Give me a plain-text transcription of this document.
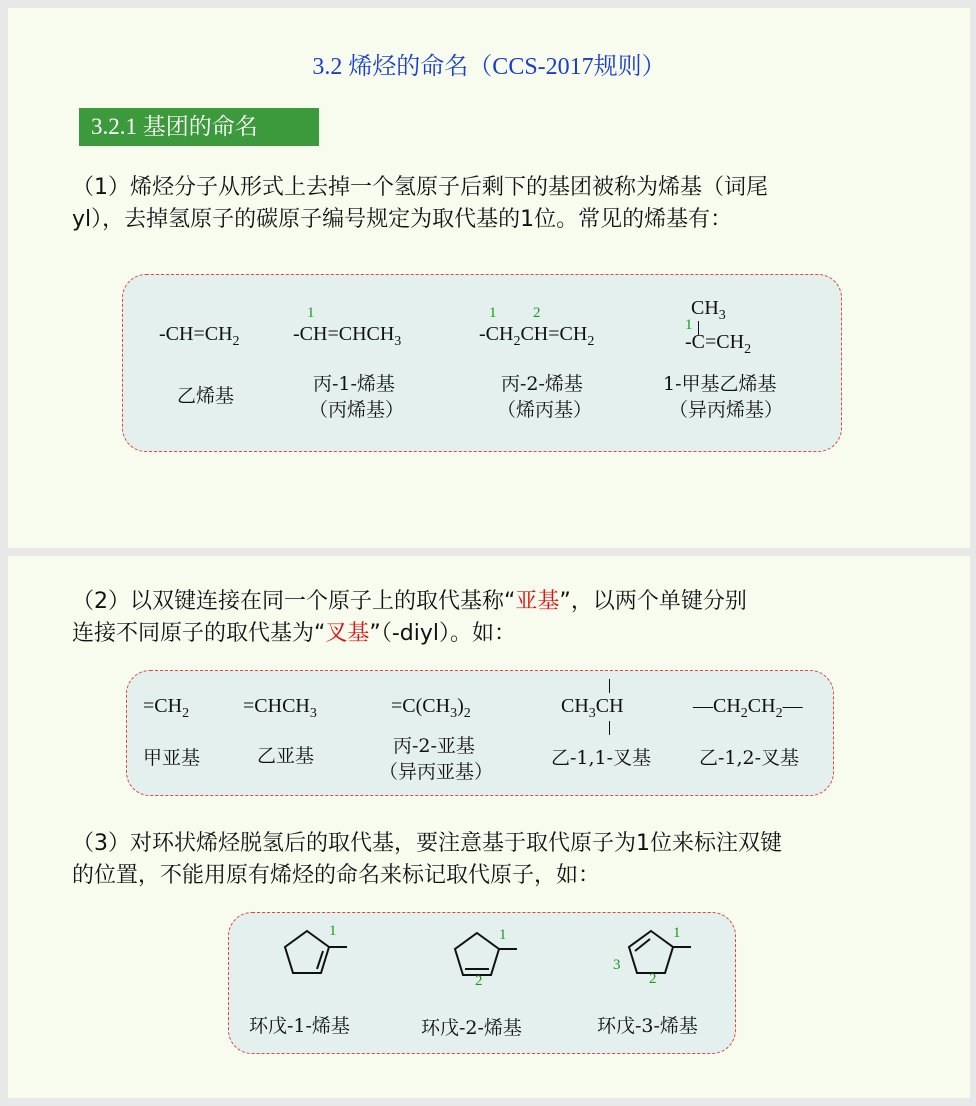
3.2 烯烃的命名（CCS-2017规则）
3.2.1 基团的命名
（1）烯烃分子从形式上去掉一个氢原子后剩下的基团被称为烯基（词尾
yl），去掉氢原子的碳原子编号规定为取代基的1位。常见的烯基有：
$-CH=CH_2$
乙烯基
1
$-CH=CHCH_3$
丙-1-烯基
（丙烯基）
1 2
$-CH_2CH=CH_2$
丙-2-烯基
（烯丙基）
$CH_3$
1
$-C=CH_2$
1-甲基乙烯基
（异丙烯基）
（2）以双键连接在同一个原子上的取代基称“亚基”，以两个单键分别
连接不同原子的取代基为“叉基”（-diyl）。如：
$=CH_2$
甲亚基
$=CHCH_3$
乙亚基
$=C(CH_3)_2$
丙-2-亚基
（异丙亚基）
$CH_3CH$
乙-1,1-叉基
$—CH_2CH_2—$
乙-1,2-叉基
（3）对环状烯烃脱氢后的取代基，要注意基于取代原子为1位来标注双键
的位置，不能用原有烯烃的命名来标记取代原子，如：
1
环戊-1-烯基
1
2
环戊-2-烯基
1
2
3
环戊-3-烯基
